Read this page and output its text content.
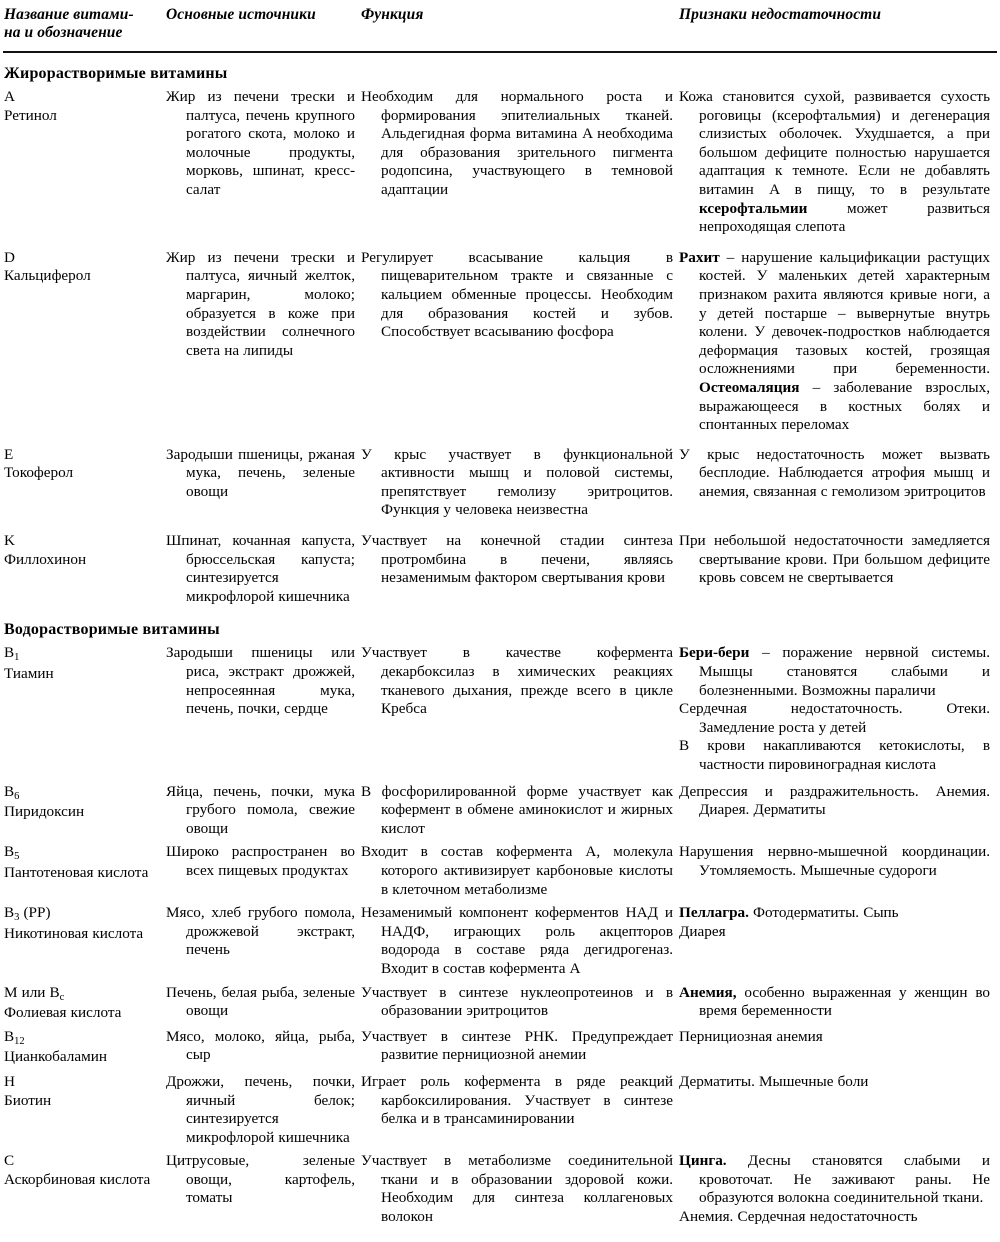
Название витами-
на и обозначение
Основные источники	Функция	Признаки недостаточности
Жирорастворимые витамины

A

Ретинол

Жир из печени трески и палтуса, печень крупного рогатого скота, молоко и молочные продукты, морковь, шпинат, кресс-салат

Необходим для нормального роста и формирования эпителиальных тканей. Альдегидная форма витамина A необходима для образования зрительного пигмента родопсина, участвующего в темновой адаптации

Кожа становится сухой, развивается сухость роговицы (ксерофтальмия) и дегенерация слизистых оболочек. Ухудшается, а при большом дефиците полностью нарушается адаптация к темноте. Если не добавлять витамин A в пищу, то в результате ксерофтальмии может развиться непроходящая слепота

D

Кальциферол

Жир из печени трески и палтуса, яичный желток, маргарин, молоко; образуется в коже при воздействии солнечного света на липиды

Регулирует всасывание кальция в пищеварительном тракте и связанные с кальцием обменные процессы. Необходим для образования костей и зубов. Способствует всасыванию фосфора

Рахит – нарушение кальцификации растущих костей. У маленьких детей характерным признаком рахита являются кривые ноги, а у детей постарше – вывернутые внутрь колени. У девочек-подростков наблюдается деформация тазовых костей, грозящая осложнениями при беременности. Остеомаляция – заболевание взрослых, выражающееся в костных болях и спонтанных переломах

E

Токоферол

Зародыши пшеницы, ржаная мука, печень, зеленые овощи

У крыс участвует в функциональной активности мышц и половой системы, препятствует гемолизу эритроцитов. Функция у человека неизвестна

У крыс недостаточность может вызвать бесплодие. Наблюдается атрофия мышц и анемия, связанная с гемолизом эритроцитов

K

Филлохинон

Шпинат, кочанная капуста, брюссельская капуста; синтезируется микрофлорой кишечника

Участвует на конечной стадии синтеза протромбина в печени, являясь незаменимым фактором свертывания крови

При небольшой недостаточности замедляется свертывание крови. При большом дефиците кровь совсем не свертывается

Водорастворимые витамины

$B_1$

Тиамин

Зародыши пшеницы или риса, экстракт дрожжей, непросеянная мука, печень, почки, сердце

Участвует в качестве кофермента декарбоксилаз в химических реакциях тканевого дыхания, прежде всего в цикле Кребса

Бери-бери – поражение нервной системы. Мышцы становятся слабыми и болезненными. Возможны параличи

Сердечная недостаточность. Отеки. Замедление роста у детей

В крови накапливаются кетокислоты, в частности пировиноградная кислота

$B_6$

Пиридоксин

Яйца, печень, почки, мука грубого помола, свежие овощи

В фосфорилированной форме участвует как кофермент в обмене аминокислот и жирных кислот

Депрессия и раздражительность. Анемия. Диарея. Дерматиты

$B_5$

Пантотеновая кислота

Широко распространен во всех пищевых продуктах

Входит в состав кофермента A, молекула которого активизирует карбоновые кислоты в клеточном метаболизме

Нарушения нервно-мышечной координации. Утомляемость. Мышечные судороги

$B_3$ (PP)

Никотиновая кислота

Мясо, хлеб грубого помола, дрожжевой экстракт, печень

Незаменимый компонент коферментов НАД и НАДФ, играющих роль акцепторов водорода в составе ряда дегидрогеназ. Входит в состав кофермента A

Пеллагра. Фотодерматиты. Сыпь

Диарея

М или $B_с$

Фолиевая кислота

Печень, белая рыба, зеленые овощи

Участвует в синтезе нуклеопротеинов и в образовании эритроцитов

Анемия, особенно выраженная у женщин во время беременности

$B_{12}$

Цианкобаламин

Мясо, молоко, яйца, рыба, сыр

Участвует в синтезе РНК. Предупреждает развитие пернициозной анемии

Пернициозная анемия

H

Биотин

Дрожжи, печень, почки, яичный белок; синтезируется микрофлорой кишечника

Играет роль кофермента в ряде реакций карбоксилирования. Участвует в синтезе белка и в трансаминировании

Дерматиты. Мышечные боли

C

Аскорбиновая кислота

Цитрусовые, зеленые овощи, картофель, томаты

Участвует в метаболизме соединительной ткани и в образовании здоровой кожи. Необходим для синтеза коллагеновых волокон

Цинга. Десны становятся слабыми и кровоточат. Не заживают раны. Не образуются волокна соединительной ткани.

Анемия. Сердечная недостаточность
